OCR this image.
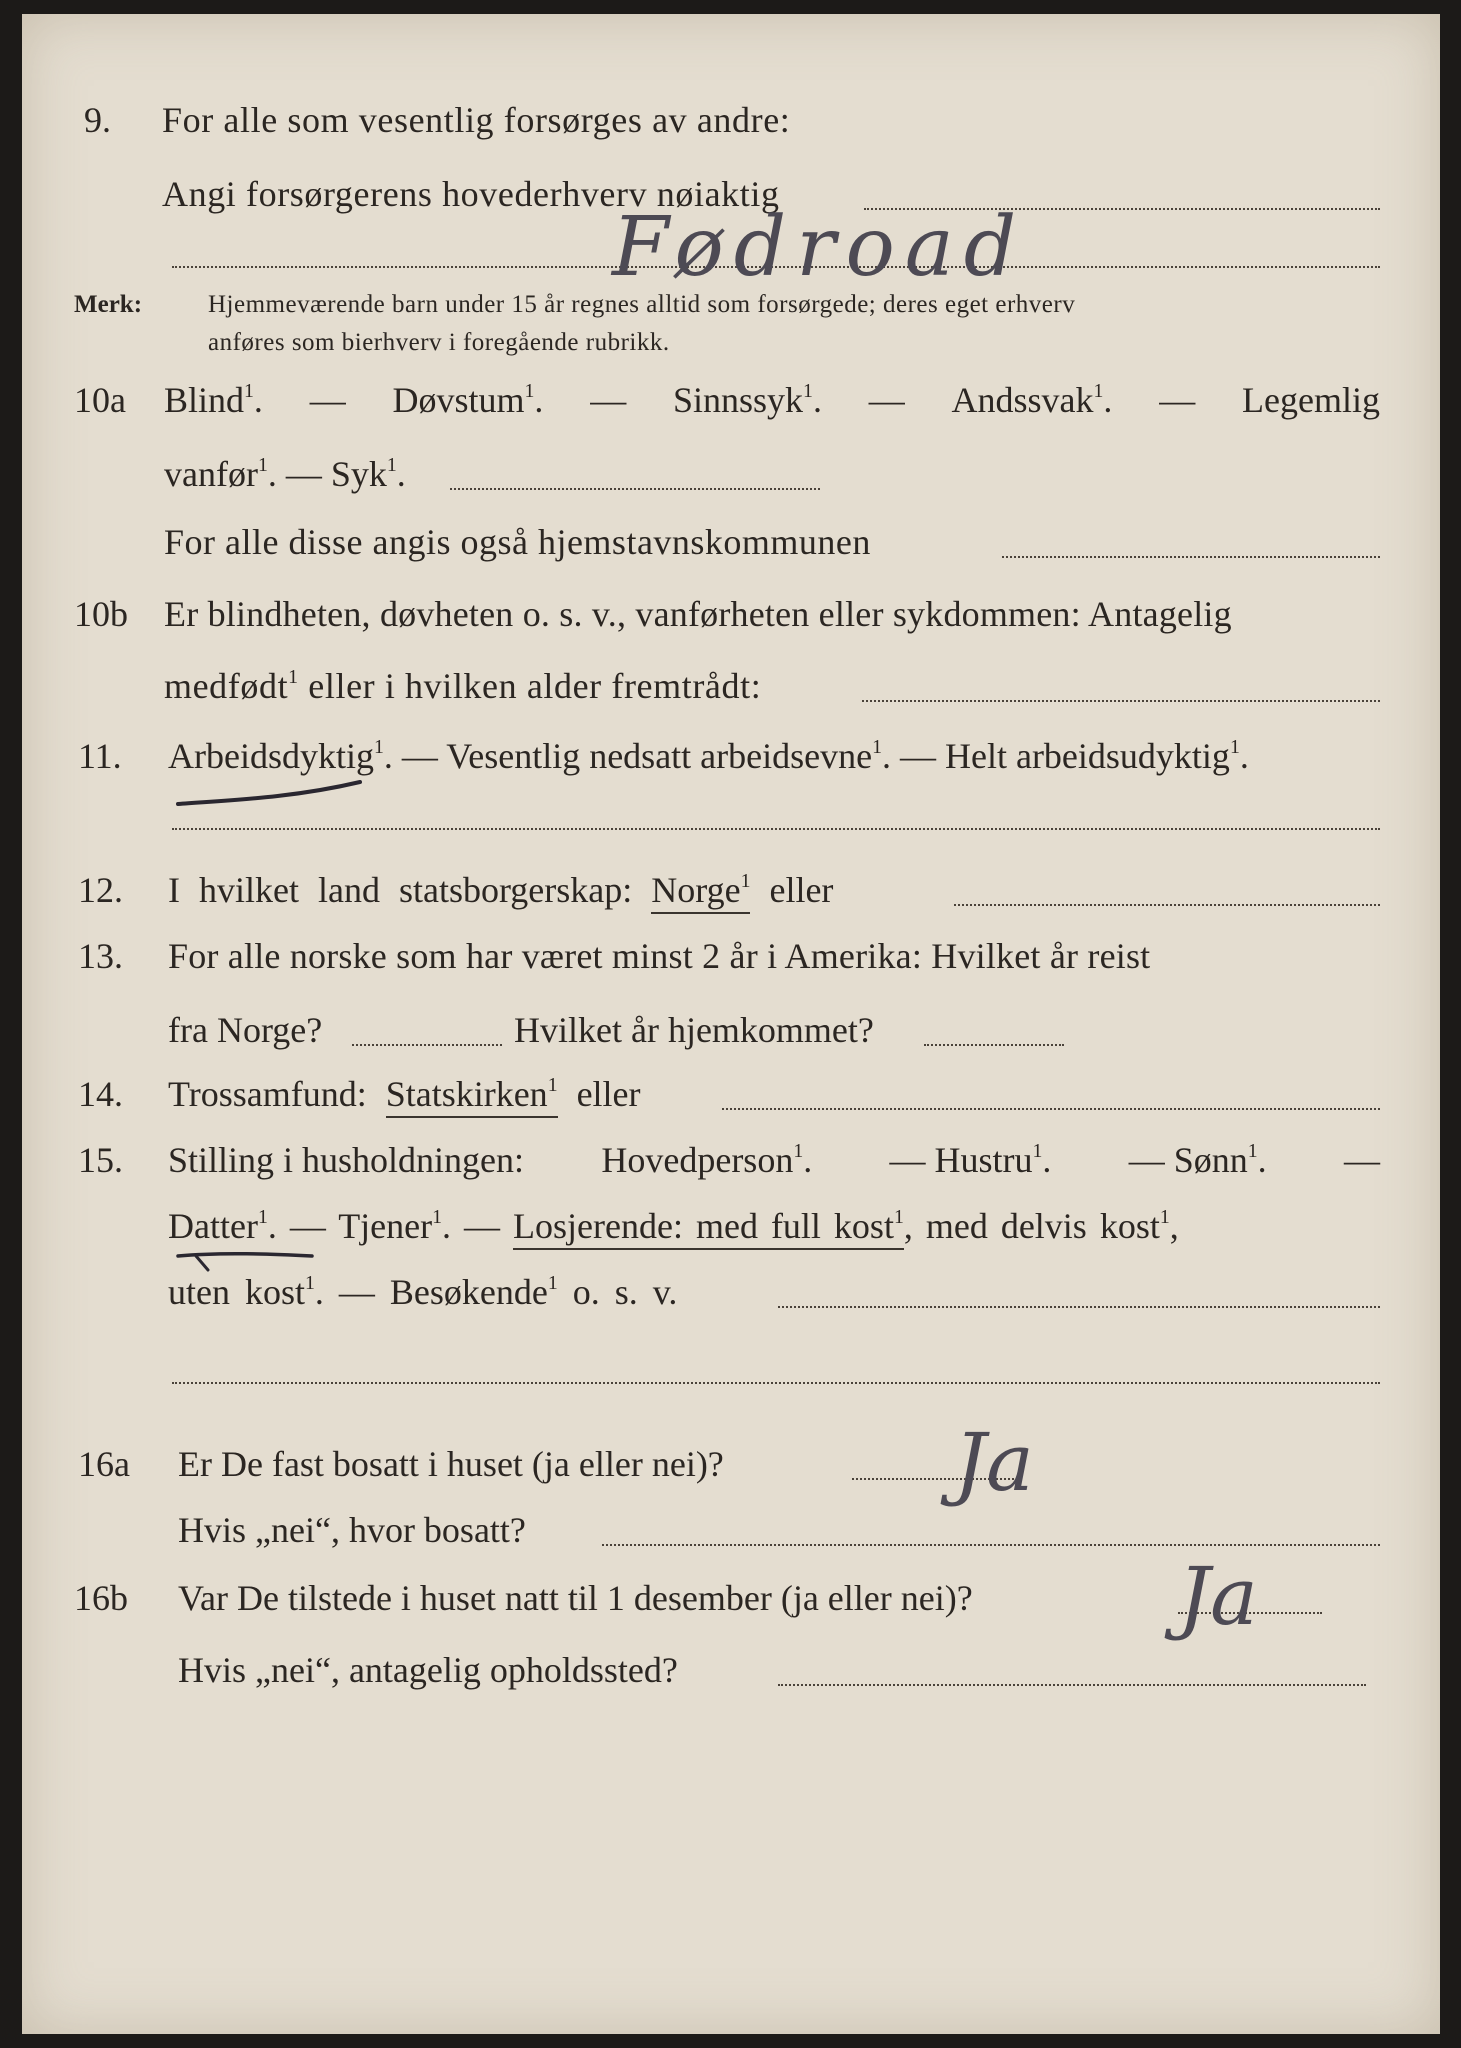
9. For alle som vesentlig forsørges av andre:
Angi forsørgerens hovederhverv nøiaktig
Fødroad
Merk:	Hjemmeværende barn under 15 år regnes alltid som forsørgede; deres eget erhverv
anføres som bierhverv i foregående rubrikk.
10a Blind$^1$. — Døvstum$^1$. — Sinnssyk$^1$. — Andssvak$^1$. — Legemlig
vanfør$^1$. — Syk$^1$.
For alle disse angis også hjemstavnskommunen
10b Er blindheten, døvheten o. s. v., vanførheten eller sykdommen: Antagelig
medfødt$^1$ eller i hvilken alder fremtrådt:
11. Arbeidsdyktig$^1$. — Vesentlig nedsatt arbeidsevne$^1$. — Helt arbeidsudyktig$^1$.
12. I hvilket land statsborgerskap: Norge$^1$ eller
13. For alle norske som har været minst 2 år i Amerika: Hvilket år reist
fra Norge?	Hvilket år hjemkommet?
14. Trossamfund: Statskirken$^1$ eller
15. Stilling i husholdningen: Hovedperson$^1$. — Hustru$^1$. — Sønn$^1$. —
Datter$^1$. — Tjener$^1$. — Losjerende: med full kost$^1$, med delvis kost$^1$,
uten kost$^1$. — Besøkende$^1$ o. s. v.
16a Er De fast bosatt i huset (ja eller nei)?	Ja
Hvis „nei“, hvor bosatt?
16b Var De tilstede i huset natt til 1 desember (ja eller nei)?	Ja
Hvis „nei“, antagelig opholdssted?
